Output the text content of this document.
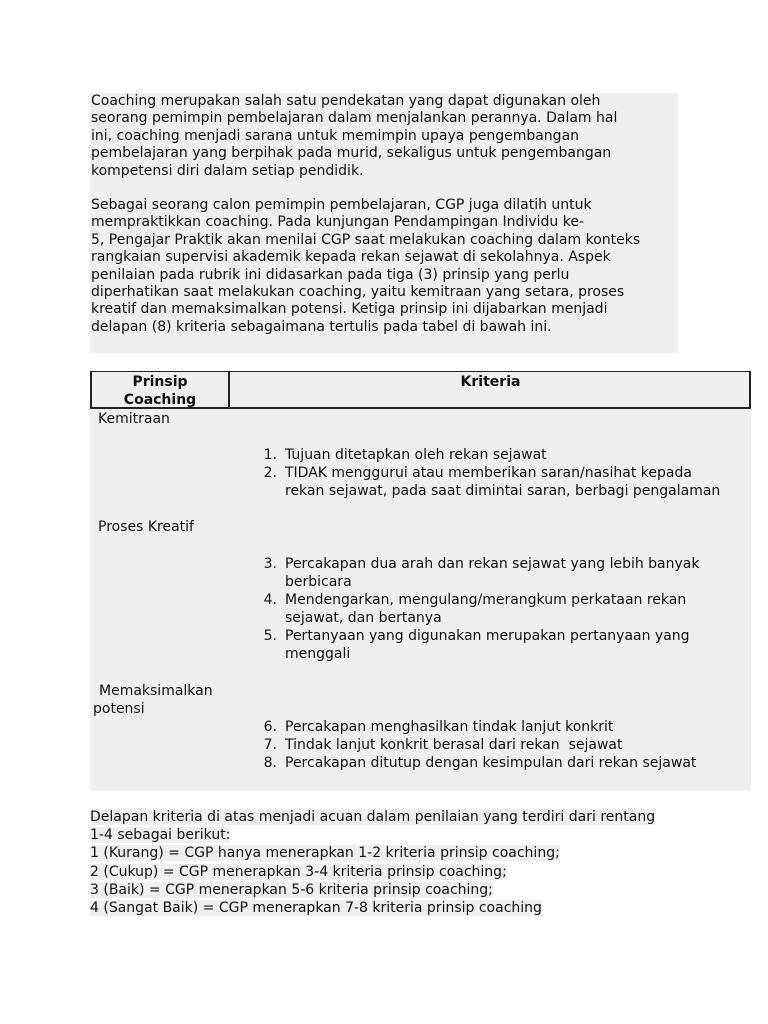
Coaching merupakan salah satu pendekatan yang dapat digunakan oleh
seorang pemimpin pembelajaran dalam menjalankan perannya. Dalam hal
ini, coaching menjadi sarana untuk memimpin upaya pengembangan
pembelajaran yang berpihak pada murid, sekaligus untuk pengembangan
kompetensi diri dalam setiap pendidik.

Sebagai seorang calon pemimpin pembelajaran, CGP juga dilatih untuk
mempraktikkan coaching. Pada kunjungan Pendampingan Individu ke-
5, Pengajar Praktik akan menilai CGP saat melakukan coaching dalam konteks
rangkaian supervisi akademik kepada rekan sejawat di sekolahnya. Aspek
penilaian pada rubrik ini didasarkan pada tiga (3) prinsip yang perlu
diperhatikan saat melakukan coaching, yaitu kemitraan yang setara, proses
kreatif dan memaksimalkan potensi. Ketiga prinsip ini dijabarkan menjadi
delapan (8) kriteria sebagaimana tertulis pada tabel di bawah ini.

Prinsip
Coaching
Kriteria
Kemitraan
1. Tujuan ditetapkan oleh rekan sejawat
2. TIDAK menggurui atau memberikan saran/nasihat kepada
rekan sejawat, pada saat dimintai saran, berbagi pengalaman
Proses Kreatif
3. Percakapan dua arah dan rekan sejawat yang lebih banyak
berbicara
4. Mendengarkan, mengulang/merangkum perkataan rekan
sejawat, dan bertanya
5. Pertanyaan yang digunakan merupakan pertanyaan yang
menggali
Memaksimalkan
potensi
6. Percakapan menghasilkan tindak lanjut konkrit
7. Tindak lanjut konkrit berasal dari rekan  sejawat
8. Percakapan ditutup dengan kesimpulan dari rekan sejawat
Delapan kriteria di atas menjadi acuan dalam penilaian yang terdiri dari rentang
1-4 sebagai berikut:
1 (Kurang) = CGP hanya menerapkan 1-2 kriteria prinsip coaching;
2 (Cukup) = CGP menerapkan 3-4 kriteria prinsip coaching;
3 (Baik) = CGP menerapkan 5-6 kriteria prinsip coaching;
4 (Sangat Baik) = CGP menerapkan 7-8 kriteria prinsip coaching
